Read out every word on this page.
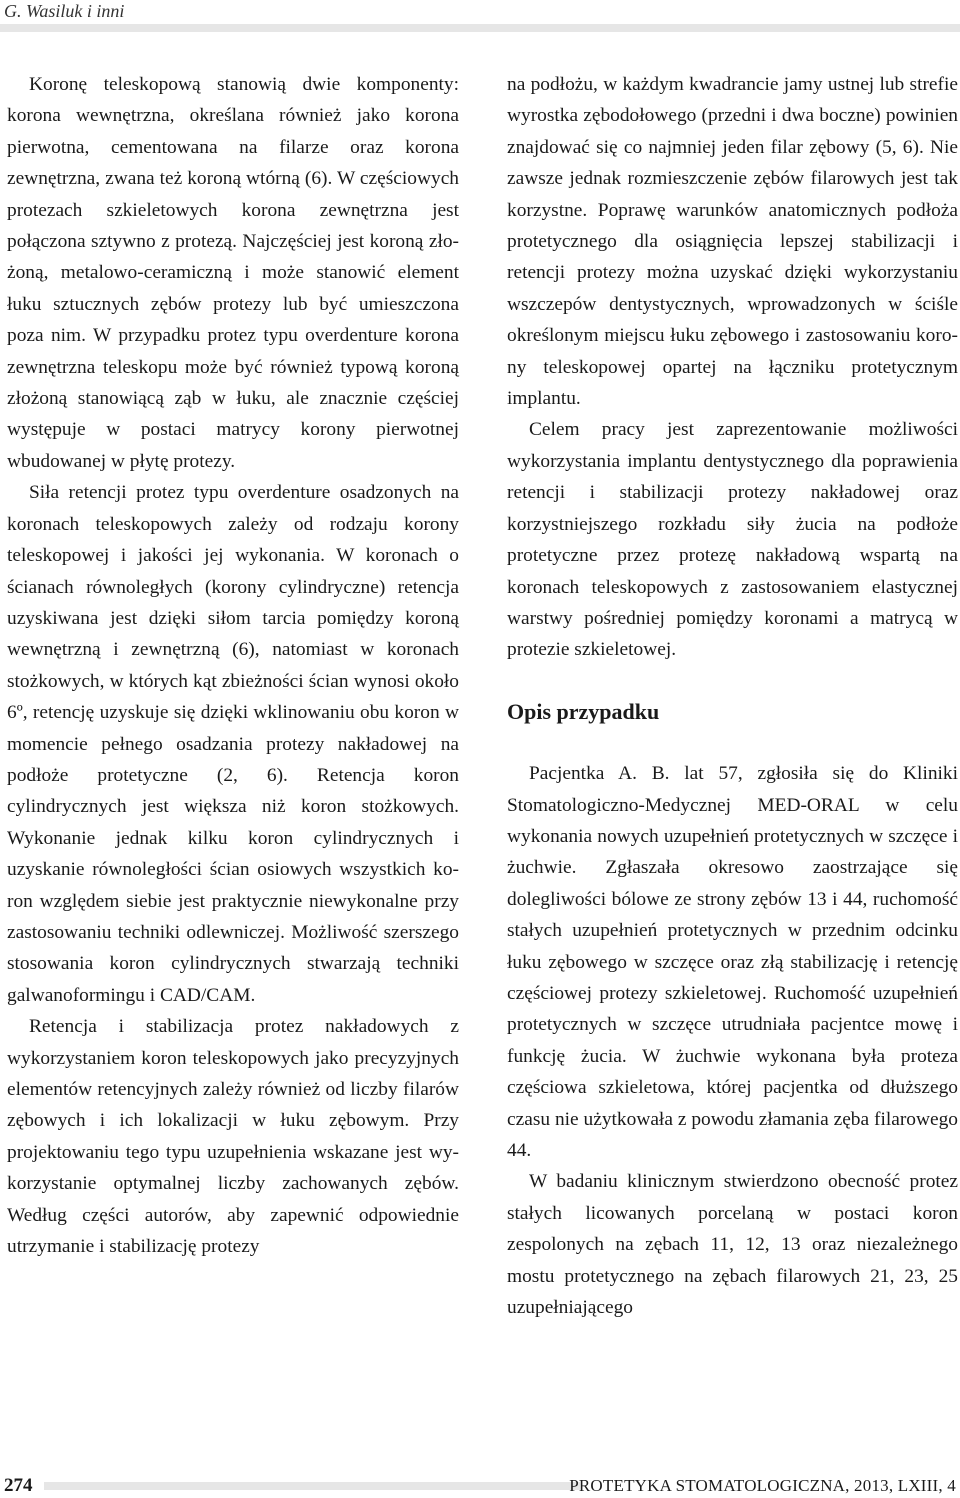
G. Wasiluk i inni

Koronę teleskopową stanowią dwie komponenty: korona wewnętrzna, określana również jako korona pierwotna, cementowana na filarze oraz korona zewnętrzna, zwana też koroną wtórną (6). W częściowych protezach szkieletowych korona zewnętrzna jest połączona sztywno z protezą. Najczęściej jest koroną złożoną, metalowo-ceramiczną i może stanowić element łuku sztucznych zębów protezy lub być umieszczona poza nim. W przypadku protez typu overdenture korona zewnętrzna teleskopu może być również typową koroną złożoną stanowiącą ząb w łuku, ale znacznie częściej występuje w postaci matrycy korony pierwotnej wbudowanej w płytę protezy.

Siła retencji protez typu overdenture osadzonych na koronach teleskopowych zależy od rodzaju korony teleskopowej i jakości jej wykonania. W koronach o ścianach równoległych (korony cylindryczne) retencja uzyskiwana jest dzięki siłom tarcia pomiędzy koroną wewnętrzną i zewnętrzną (6), natomiast w koronach stożkowych, w których kąt zbieżności ścian wynosi około 6º, retencję uzyskuje się dzięki wklinowaniu obu koron w momencie pełnego osadzania protezy nakładowej na podłoże protetyczne (2, 6). Retencja koron cylindrycznych jest większa niż koron stożkowych. Wykonanie jednak kilku koron cylindrycznych i uzyskanie równoległości ścian osiowych wszystkich koron względem siebie jest praktycznie niewykonalne przy zastosowaniu techniki odlewniczej. Możliwość szerszego stosowania koron cylindrycznych stwarzają techniki galwanoformingu i CAD/CAM.

Retencja i stabilizacja protez nakładowych z wykorzystaniem koron teleskopowych jako precyzyjnych elementów retencyjnych zależy również od liczby filarów zębowych i ich lokalizacji w łuku zębowym. Przy projektowaniu tego typu uzupełnienia wskazane jest wykorzystanie optymalnej liczby zachowanych zębów. Według części autorów, aby zapewnić odpowiednie utrzymanie i stabilizację protezy

na podłożu, w każdym kwadrancie jamy ustnej lub strefie wyrostka zębodołowego (przedni i dwa boczne) powinien znajdować się co najmniej jeden filar zębowy (5, 6). Nie zawsze jednak rozmieszczenie zębów filarowych jest tak korzystne. Poprawę warunków anatomicznych podłoża protetycznego dla osiągnięcia lepszej stabilizacji i retencji protezy można uzyskać dzięki wykorzystaniu wszczepów dentystycznych, wprowadzonych w ściśle określonym miejscu łuku zębowego i zastosowaniu korony teleskopowej opartej na łączniku protetycznym implantu.

Celem pracy jest zaprezentowanie możliwości wykorzystania implantu dentystycznego dla poprawienia retencji i stabilizacji protezy nakładowej oraz korzystniejszego rozkładu siły żucia na podłoże protetyczne przez protezę nakładową wspartą na koronach teleskopowych z zastosowaniem elastycznej warstwy pośredniej pomiędzy koronami a matrycą w protezie szkieletowej.

Opis przypadku

Pacjentka A. B. lat 57, zgłosiła się do Kliniki Stomatologiczno-Medycznej MED-ORAL w celu wykonania nowych uzupełnień protetycznych w szczęce i żuchwie. Zgłaszała okresowo zaostrzające się dolegliwości bólowe ze strony zębów 13 i 44, ruchomość stałych uzupełnień protetycznych w przednim odcinku łuku zębowego w szczęce oraz złą stabilizację i retencję częściowej protezy szkieletowej. Ruchomość uzupełnień protetycznych w szczęce utrudniała pacjentce mowę i funkcję żucia. W żuchwie wykonana była proteza częściowa szkieletowa, której pacjentka od dłuższego czasu nie użytkowała z powodu złamania zęba filarowego 44.

W badaniu klinicznym stwierdzono obecność protez stałych licowanych porcelaną w postaci koron zespolonych na zębach 11, 12, 13 oraz niezależnego mostu protetycznego na zębach filarowych 21, 23, 25 uzupełniającego

274	PROTETYKA STOMATOLOGICZNA, 2013, LXIII, 4
